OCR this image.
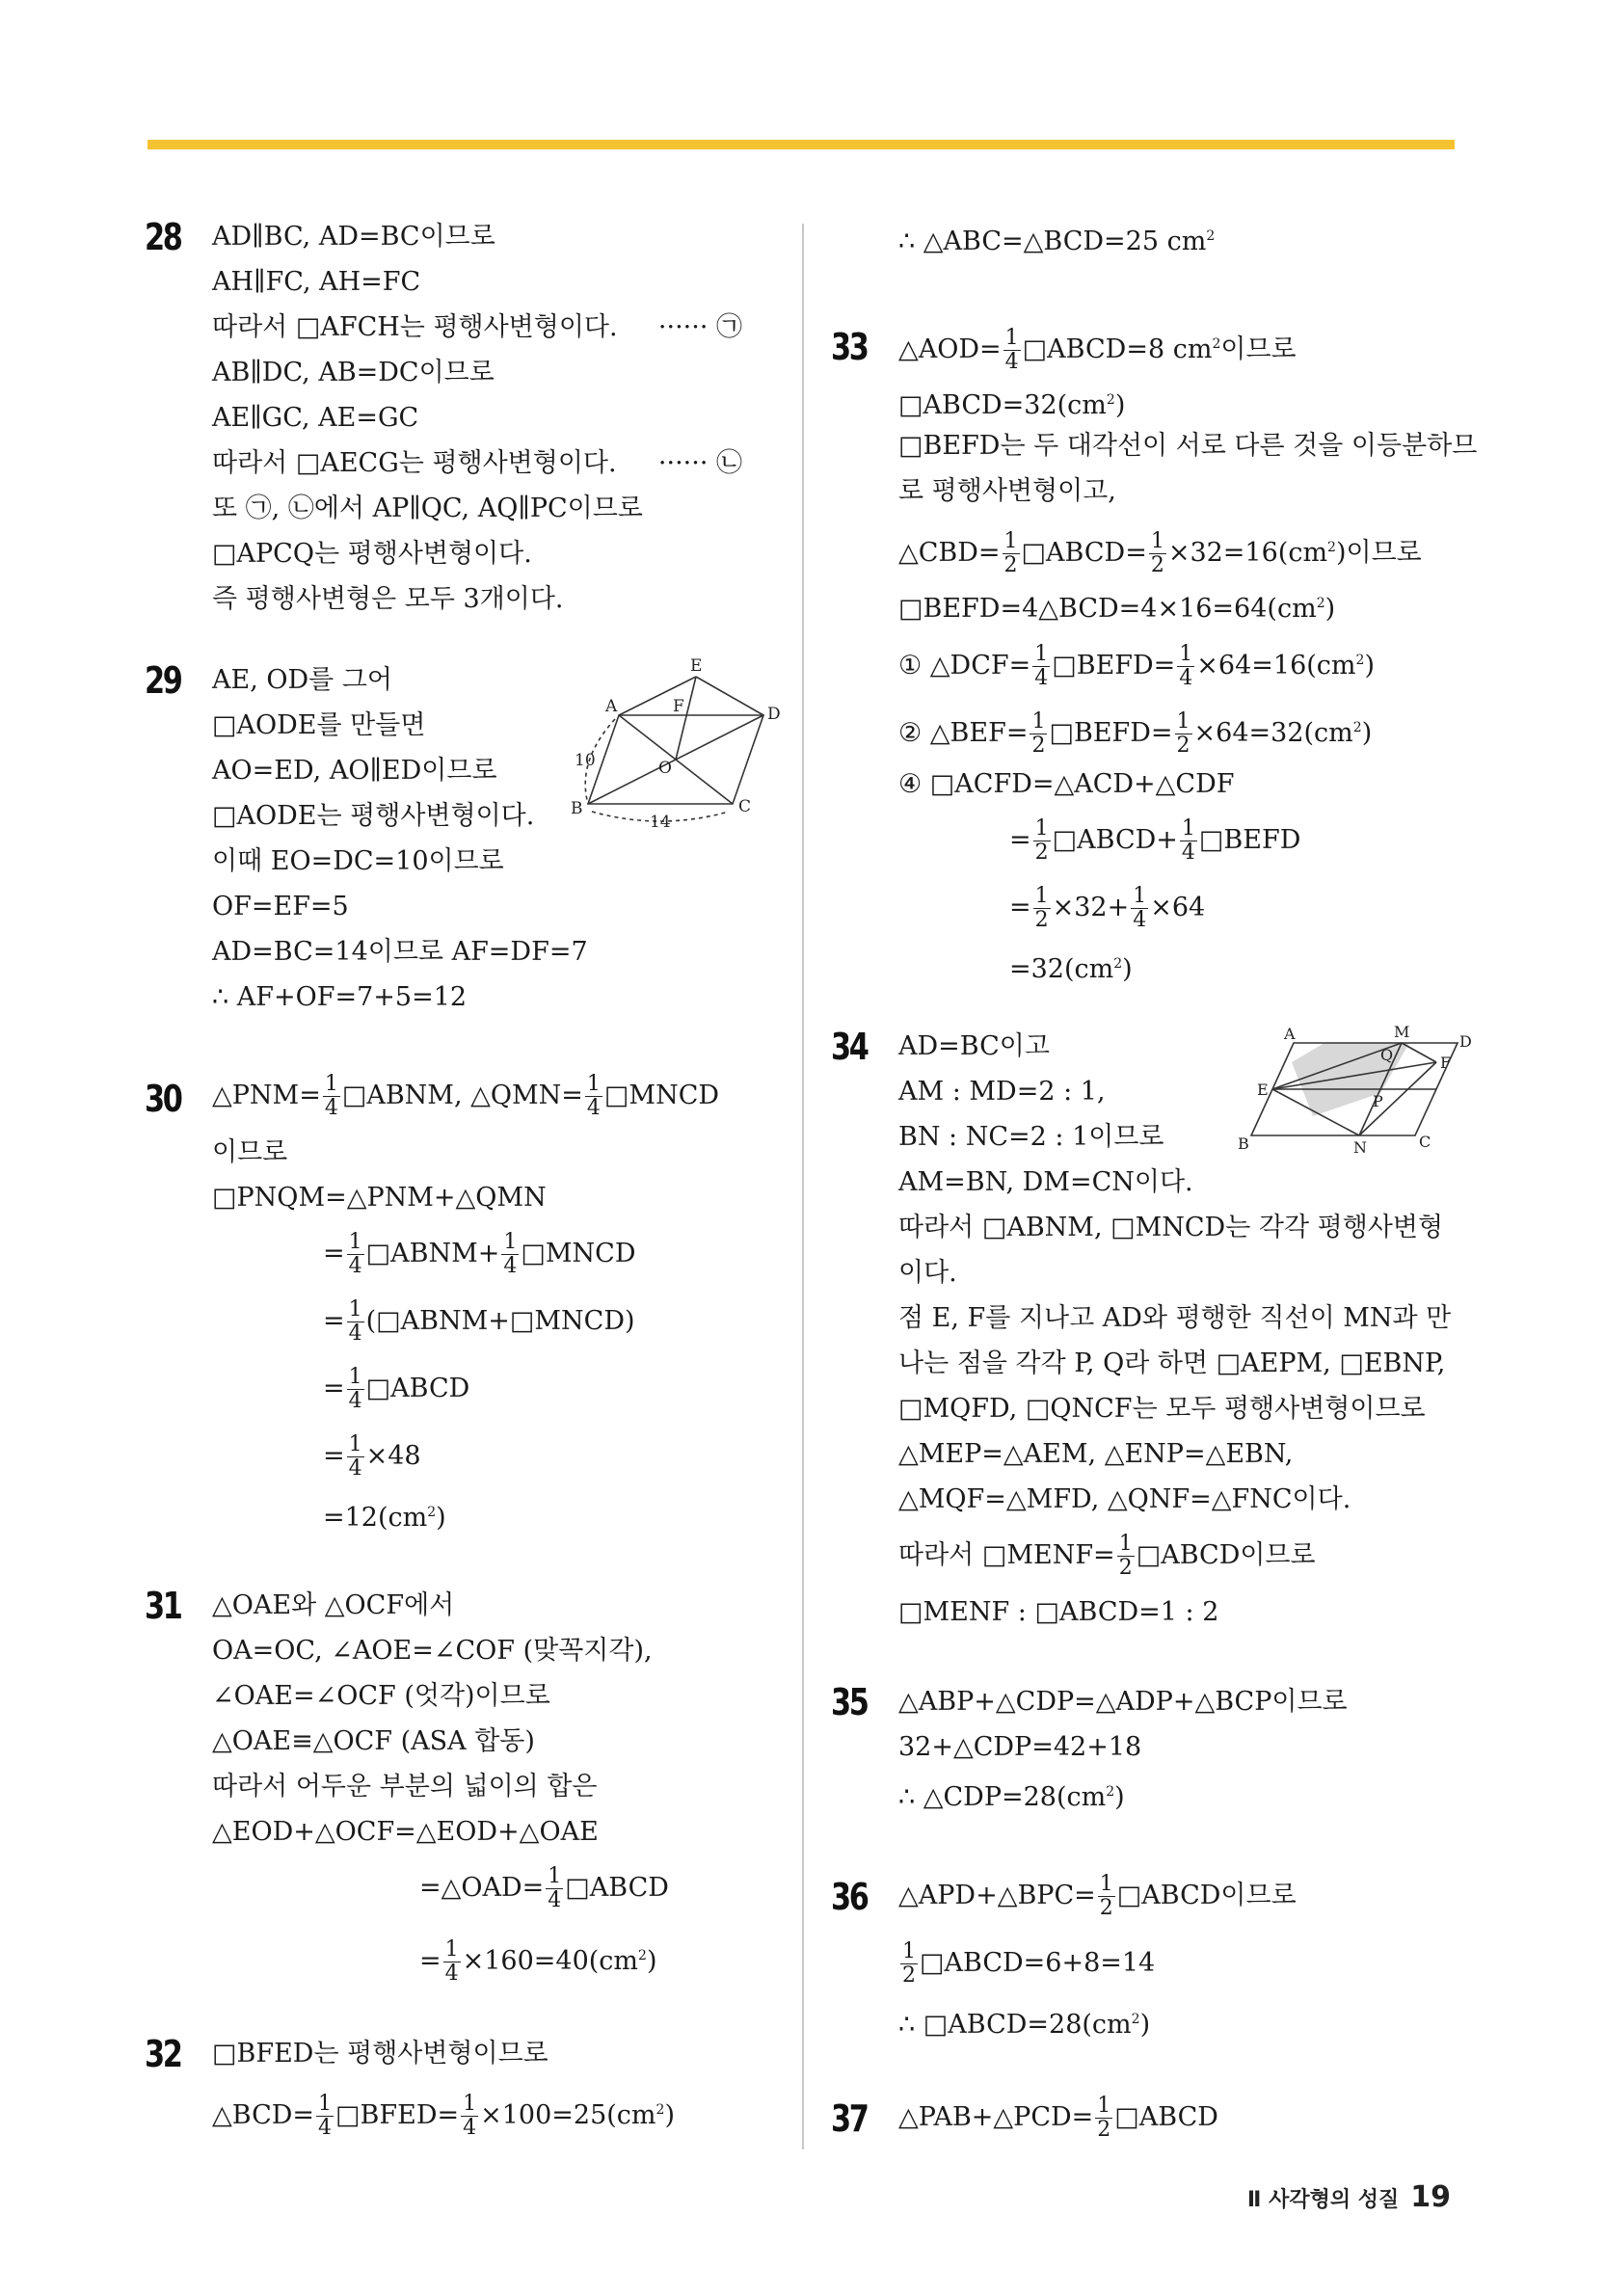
28 AD∥BC, AD=BC이므로
AH∥FC, AH=FC
따라서 □AFCH는 평행사변형이다. ······ ㉠
AB∥DC, AB=DC이므로
AE∥GC, AE=GC
따라서 □AECG는 평행사변형이다. ······ ㉡
또 ㉠, ㉡에서 AP∥QC, AQ∥PC이므로
□APCQ는 평행사변형이다.
즉 평행사변형은 모두 3개이다.
29 AE, OD를 그어
□AODE를 만들면
AO=ED, AO∥ED이므로
□AODE는 평행사변형이다.
이때 EO=DC=10이므로
OF=EF=5
AD=BC=14이므로 AF=DF=7
∴ AF+OF=7+5=12
A
B	C
D
E
F
O
10
14
30 △PNM= $\frac{1}{4}$ □ABNM, △QMN= $\frac{1}{4}$ □MNCD
이므로
□PNQM=△PNM+△QMN
= $\frac{1}{4}$ □ABNM+ $\frac{1}{4}$ □MNCD
= $\frac{1}{4}$ (□ABNM+□MNCD)
= $\frac{1}{4}$ □ABCD
= $\frac{1}{4} \times 48$
$=12(cm^2)$
31 △OAE와 △OCF에서
OA=OC, ∠AOE=∠COF (맞꼭지각),
∠OAE=∠OCF (엇각)이므로
△OAE≡△OCF (ASA 합동)
따라서 어두운 부분의 넓이의 합은
△EOD+△OCF=△EOD+△OAE
=△OAD= $\frac{1}{4}$ □ABCD
= $\frac{1}{4} \times 160=40(cm^2)$
32 □BFED는 평행사변형이므로
△BCD= $\frac{1}{4}$ □BFED= $\frac{1}{4} \times 100=25(cm^2)$
∴ △ABC=△BCD=25 $cm^2$
33 △AOD= $\frac{1}{4}$ □ABCD=8 $cm^2$이므로
$□ABCD=32(cm^2)$
□BEFD는 두 대각선이 서로 다른 것을 이등분하므
로 평행사변형이고,
△CBD= $\frac{1}{2}$ □ABCD= $\frac{1}{2} \times 32=16(cm^2)$이므로
$□BEFD=4\triangle BCD=4\times 16=64(cm^2)$
① △DCF= $\frac{1}{4}$ □BEFD= $\frac{1}{4} \times 64=16(cm^2)$
② △BEF= $\frac{1}{2}$ □BEFD= $\frac{1}{2} \times 64=32(cm^2)$
④ □ACFD=△ACD+△CDF
= $\frac{1}{2}$ □ABCD+ $\frac{1}{4}$ □BEFD
= $\frac{1}{2} \times 32+ \frac{1}{4} \times 64$
$=32(cm^2)$
34 AD=BC이고
AM : MD=2 : 1,
BN : NC=2 : 1이므로
AM=BN, DM=CN이다.
따라서 □ABNM, □MNCD는 각각 평행사변형
이다.
점 E, F를 지나고 AD와 평행한 직선이 MN과 만
나는 점을 각각 P, Q라 하면 □AEPM, □EBNP,
□MQFD, □QNCF는 모두 평행사변형이므로
△MEP=△AEM, △ENP=△EBN,
△MQF=△MFD, △QNF=△FNC이다.
따라서 □MENF= $\frac{1}{2}$ □ABCD이므로
□MENF : □ABCD=1 : 2
A	M
D
Q	F
E
P
B	N	C
35 △ABP+△CDP=△ADP+△BCP이므로
32+△CDP=42+18
∴ $\triangle CDP=28(cm^2)$
36 △APD+△BPC= $\frac{1}{2}$ □ABCD이므로
$\frac{1}{2}$ □ABCD=6+8=14
∴ $□ABCD=28(cm^2)$
37 △PAB+△PCD= $\frac{1}{2}$ □ABCD
Ⅱ 사각형의 성질 19
